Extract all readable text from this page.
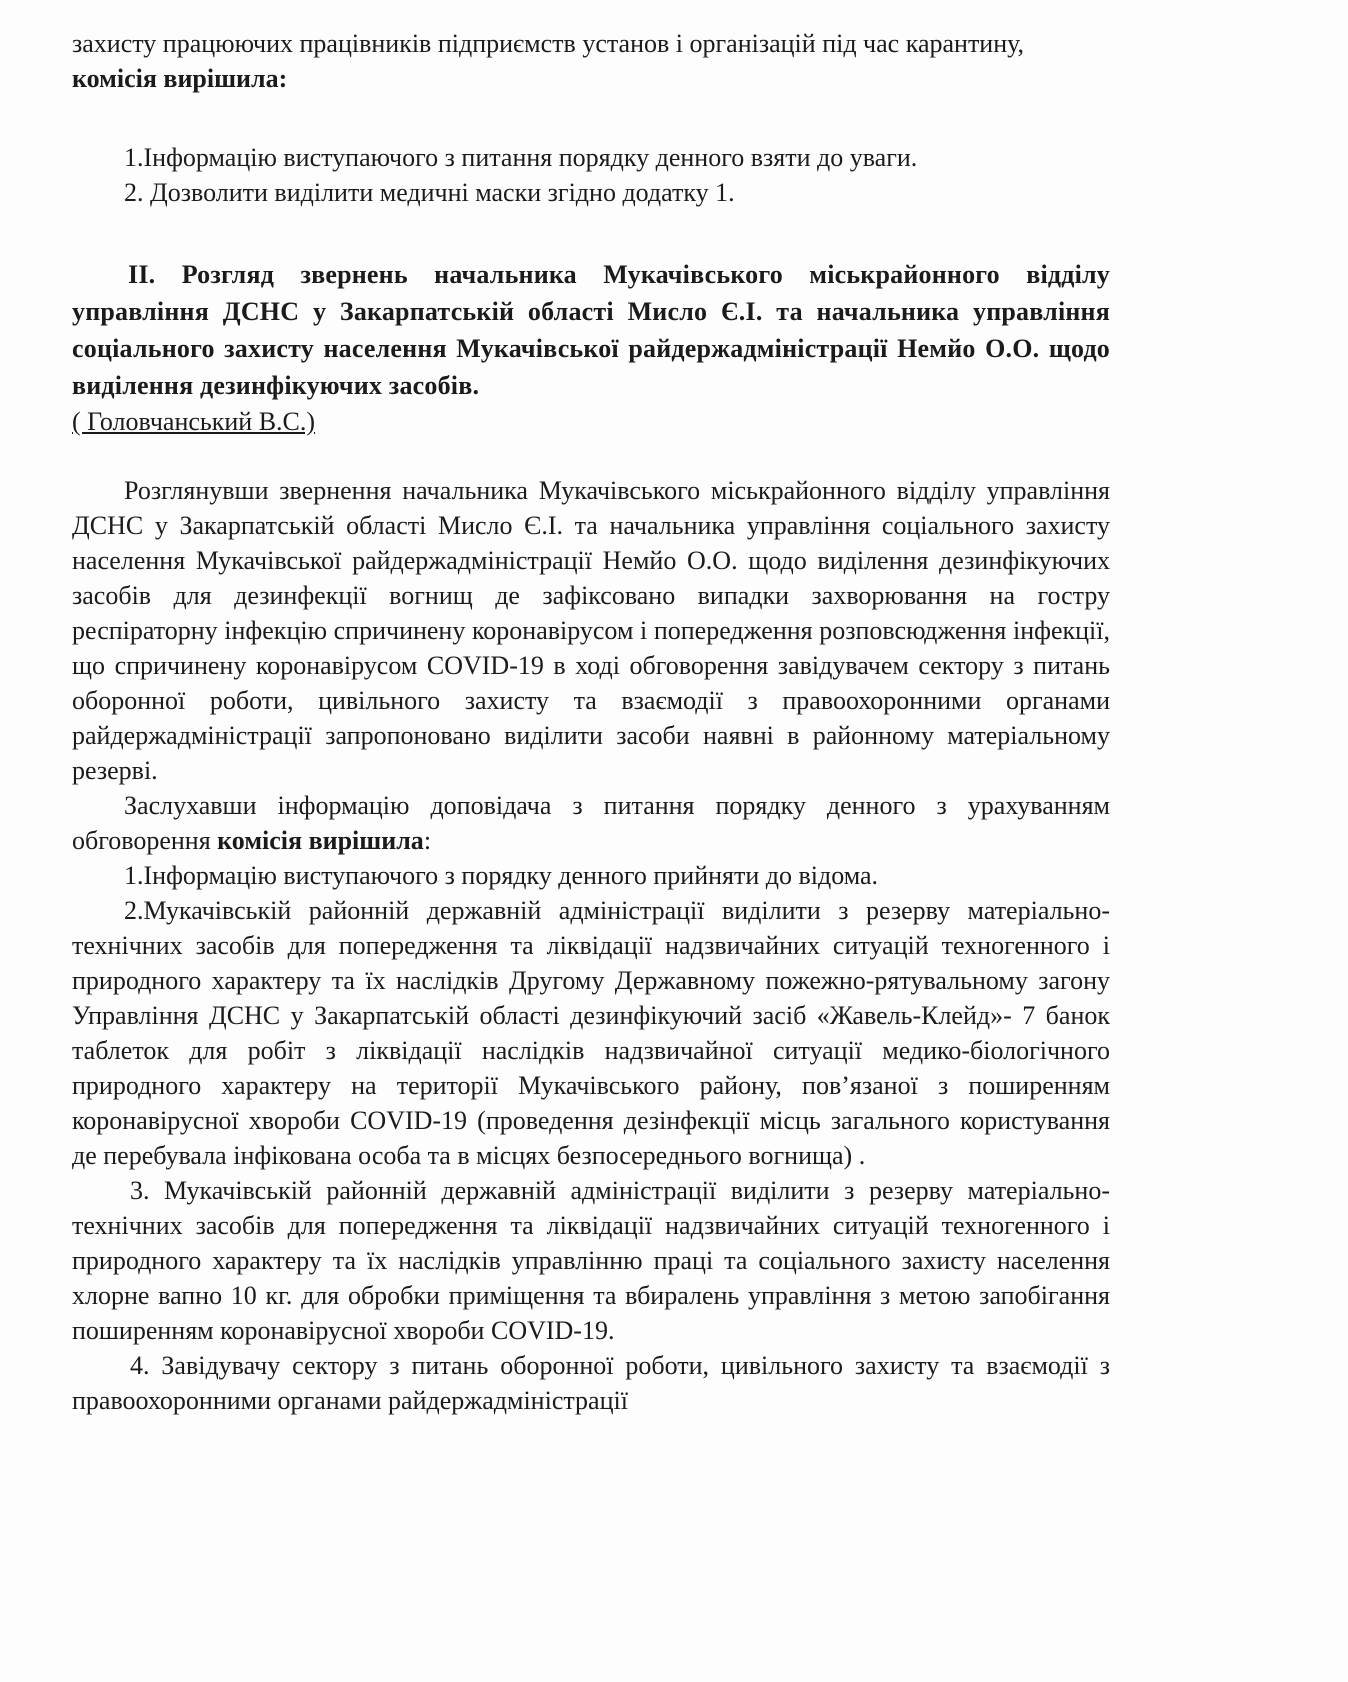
захисту працюючих працівників підприємств установ і організацій під час карантину, комісія вирішила:

1.Інформацію виступаючого з питання порядку денного взяти до уваги.

2. Дозволити виділити медичні маски згідно додатку 1.

ІІ. Розгляд звернень начальника Мукачівського міськрайонного відділу управління ДСНС у Закарпатській області Мисло Є.І. та начальника управління соціального захисту населення Мукачівської райдержадміністрації Немйо О.О. щодо виділення дезинфікуючих засобів.

( Головчанський В.С.)

Розглянувши звернення начальника Мукачівського міськрайонного відділу управління ДСНС у Закарпатській області Мисло Є.І. та начальника управління соціального захисту населення Мукачівської райдержадміністрації Немйо О.О. щодо виділення дезинфікуючих засобів для дезинфекції вогнищ де зафіксовано випадки захворювання на гостру респіраторну інфекцію спричинену коронавірусом і попередження розповсюдження інфекції, що спричинену коронавірусом COVID-19 в ході обговорення завідувачем сектору з питань оборонної роботи, цивільного захисту та взаємодії з правоохоронними органами райдержадміністрації запропоновано виділити засоби наявні в районному матеріальному резерві.

Заслухавши інформацію доповідача з питання порядку денного з урахуванням обговорення комісія вирішила:

1.Інформацію виступаючого з порядку денного прийняти до відома.

2.Мукачівській районній державній адміністрації виділити з резерву матеріально-технічних засобів для попередження та ліквідації надзвичайних ситуацій техногенного і природного характеру та їх наслідків Другому Державному пожежно-рятувальному загону Управління ДСНС у Закарпатській області дезинфікуючий засіб «Жавель-Клейд»- 7 банок таблеток для робіт з ліквідації наслідків надзвичайної ситуації медико-біологічного природного характеру на території Мукачівського району, пов’язаної з поширенням коронавірусної хвороби COVID-19 (проведення дезінфекції місць загального користування де перебувала інфікована особа та в місцях безпосереднього вогнища) .

3. Мукачівській районній державній адміністрації виділити з резерву матеріально-технічних засобів для попередження та ліквідації надзвичайних ситуацій техногенного і природного характеру та їх наслідків управлінню праці та соціального захисту населення хлорне вапно 10 кг. для обробки приміщення та вбиралень управління з метою запобігання поширенням коронавірусної хвороби COVID-19.

4. Завідувачу сектору з питань оборонної роботи, цивільного захисту та взаємодії з правоохоронними органами райдержадміністрації
